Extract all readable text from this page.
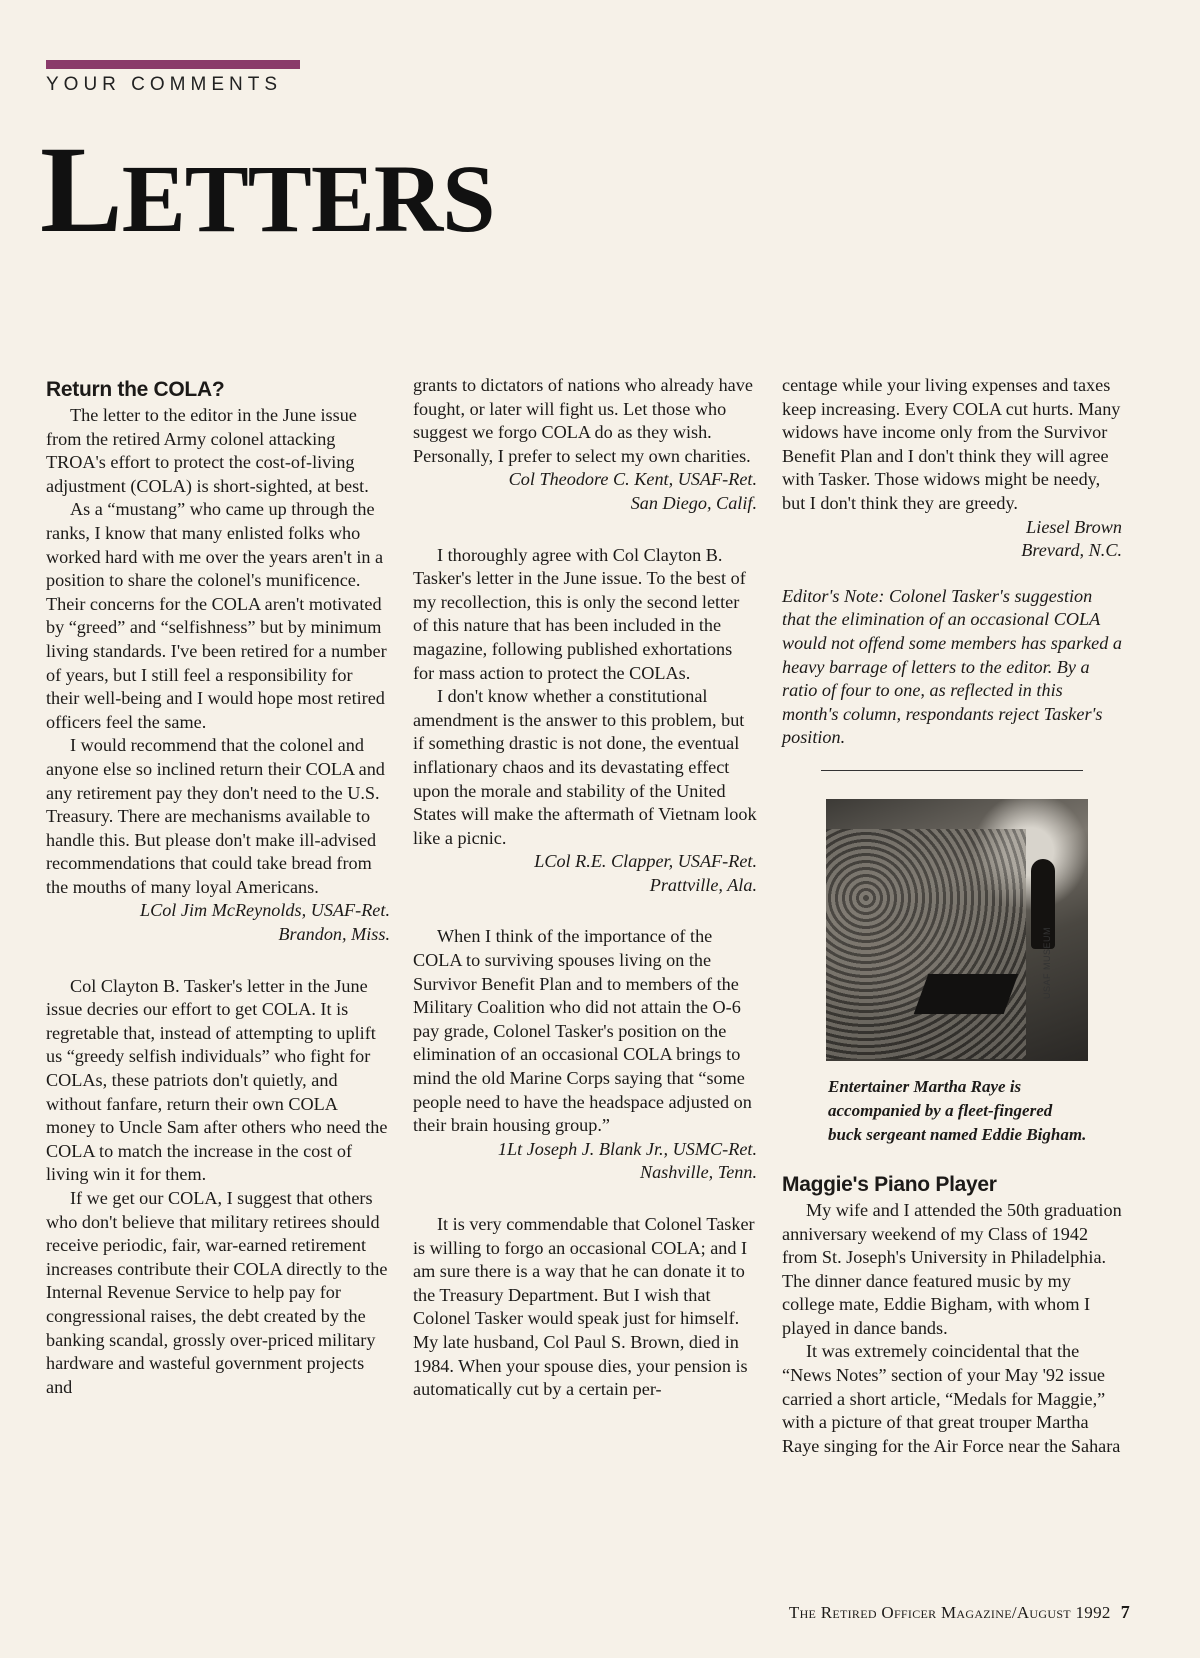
YOUR COMMENTS
LETTERS
Return the COLA?

The letter to the editor in the June issue from the retired Army colonel attacking TROA's effort to protect the cost-of-living adjustment (COLA) is short-sighted, at best.

As a “mustang” who came up through the ranks, I know that many enlisted folks who worked hard with me over the years aren't in a position to share the colonel's munificence. Their concerns for the COLA aren't motivated by “greed” and “selfishness” but by minimum living standards. I've been retired for a number of years, but I still feel a responsibility for their well-being and I would hope most retired officers feel the same.

I would recommend that the colonel and anyone else so inclined return their COLA and any retirement pay they don't need to the U.S. Treasury. There are mechanisms available to handle this. But please don't make ill-advised recommendations that could take bread from the mouths of many loyal Americans.

LCol Jim McReynolds, USAF-Ret.
Brandon, Miss.

Col Clayton B. Tasker's letter in the June issue decries our effort to get COLA. It is regretable that, instead of attempting to uplift us “greedy selfish individuals” who fight for COLAs, these patriots don't quietly, and without fanfare, return their own COLA money to Uncle Sam after others who need the COLA to match the increase in the cost of living win it for them.

If we get our COLA, I suggest that others who don't believe that military retirees should receive periodic, fair, war-earned retirement increases contribute their COLA directly to the Internal Revenue Service to help pay for congressional raises, the debt created by the banking scandal, grossly over-priced military hardware and wasteful government projects and

grants to dictators of nations who already have fought, or later will fight us. Let those who suggest we forgo COLA do as they wish. Personally, I prefer to select my own charities.

Col Theodore C. Kent, USAF-Ret.
San Diego, Calif.

I thoroughly agree with Col Clayton B. Tasker's letter in the June issue. To the best of my recollection, this is only the second letter of this nature that has been included in the magazine, following published exhortations for mass action to protect the COLAs.

I don't know whether a constitutional amendment is the answer to this problem, but if something drastic is not done, the eventual inflationary chaos and its devastating effect upon the morale and stability of the United States will make the aftermath of Vietnam look like a picnic.

LCol R.E. Clapper, USAF-Ret.
Prattville, Ala.

When I think of the importance of the COLA to surviving spouses living on the Survivor Benefit Plan and to members of the Military Coalition who did not attain the O-6 pay grade, Colonel Tasker's position on the elimination of an occasional COLA brings to mind the old Marine Corps saying that “some people need to have the headspace adjusted on their brain housing group.”

1Lt Joseph J. Blank Jr., USMC-Ret.
Nashville, Tenn.

It is very commendable that Colonel Tasker is willing to forgo an occasional COLA; and I am sure there is a way that he can donate it to the Treasury Department. But I wish that Colonel Tasker would speak just for himself. My late husband, Col Paul S. Brown, died in 1984. When your spouse dies, your pension is automatically cut by a certain per-

centage while your living expenses and taxes keep increasing. Every COLA cut hurts. Many widows have income only from the Survivor Benefit Plan and I don't think they will agree with Tasker. Those widows might be needy, but I don't think they are greedy.

Liesel Brown
Brevard, N.C.

Editor's Note: Colonel Tasker's suggestion that the elimination of an occasional COLA would not offend some members has sparked a heavy barrage of letters to the editor. By a ratio of four to one, as reflected in this month's column, respondants reject Tasker's position.

USAF MUSEUM
Entertainer Martha Raye is accompanied by a fleet-fingered buck sergeant named Eddie Bigham.
Maggie's Piano Player

My wife and I attended the 50th graduation anniversary weekend of my Class of 1942 from St. Joseph's University in Philadelphia. The dinner dance featured music by my college mate, Eddie Bigham, with whom I played in dance bands.

It was extremely coincidental that the “News Notes” section of your May '92 issue carried a short article, “Medals for Maggie,” with a picture of that great trouper Martha Raye singing for the Air Force near the Sahara

The Retired Officer Magazine/August 1992 7
